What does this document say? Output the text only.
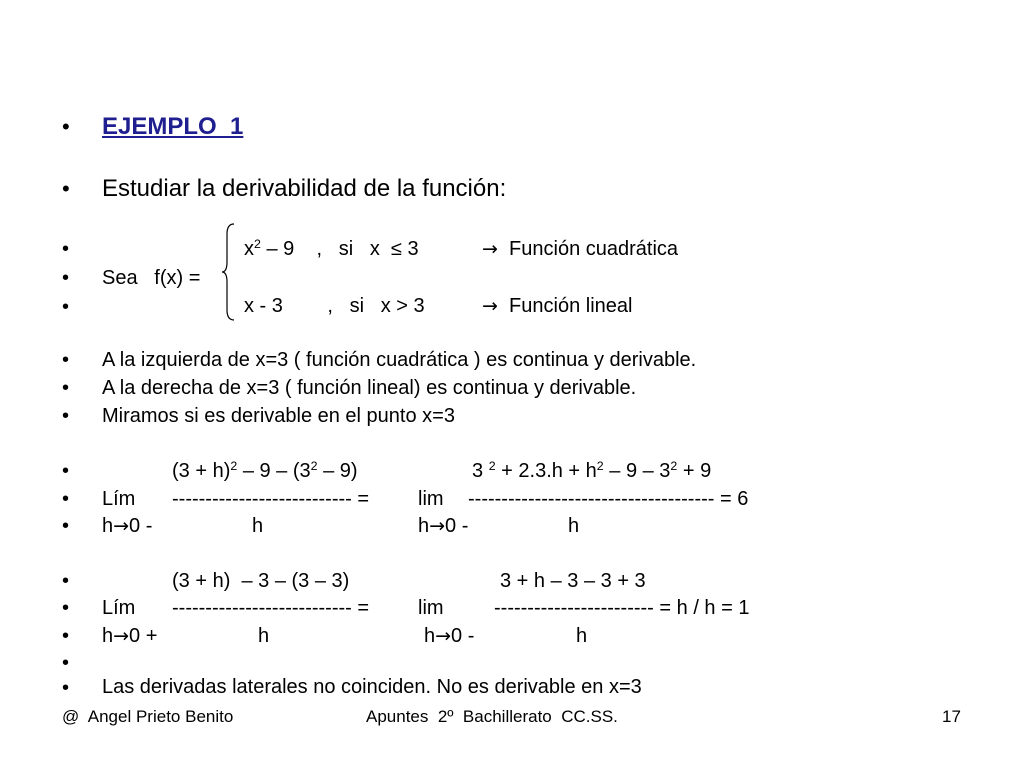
• EJEMPLO  1
• Estudiar la derivabilidad de la función:
•	$x^2 - 9$    ,   si   x  ≤ 3	→ Función cuadrática
• Sea   f(x) =
•	x - 3        ,   si   x > 3	→ Función lineal
• A la izquierda de x=3 ( función cuadrática ) es continua y derivable.
• A la derecha de x=3 ( función lineal) es continua y derivable.
• Miramos si es derivable en el punto x=3
•	$(3 + h)^2 - 9 - (3^2 - 9)$	3 $^2 + 2.3.h + h^2 - 9 - 3^2 + 9$
• Lím --------------------------- = lim ------------------------------------- = 6
• h→0 -	h	h→0 -	h
•	(3 + h)  – 3 – (3 – 3)	3 + h – 3 – 3 + 3
• Lím --------------------------- = lim	------------------------ = h / h = 1
• h→0 +	h	h→0 -	h
•
• Las derivadas laterales no coinciden. No es derivable en x=3
@  Angel Prieto Benito	Apuntes  2º  Bachillerato  CC.SS.	17
